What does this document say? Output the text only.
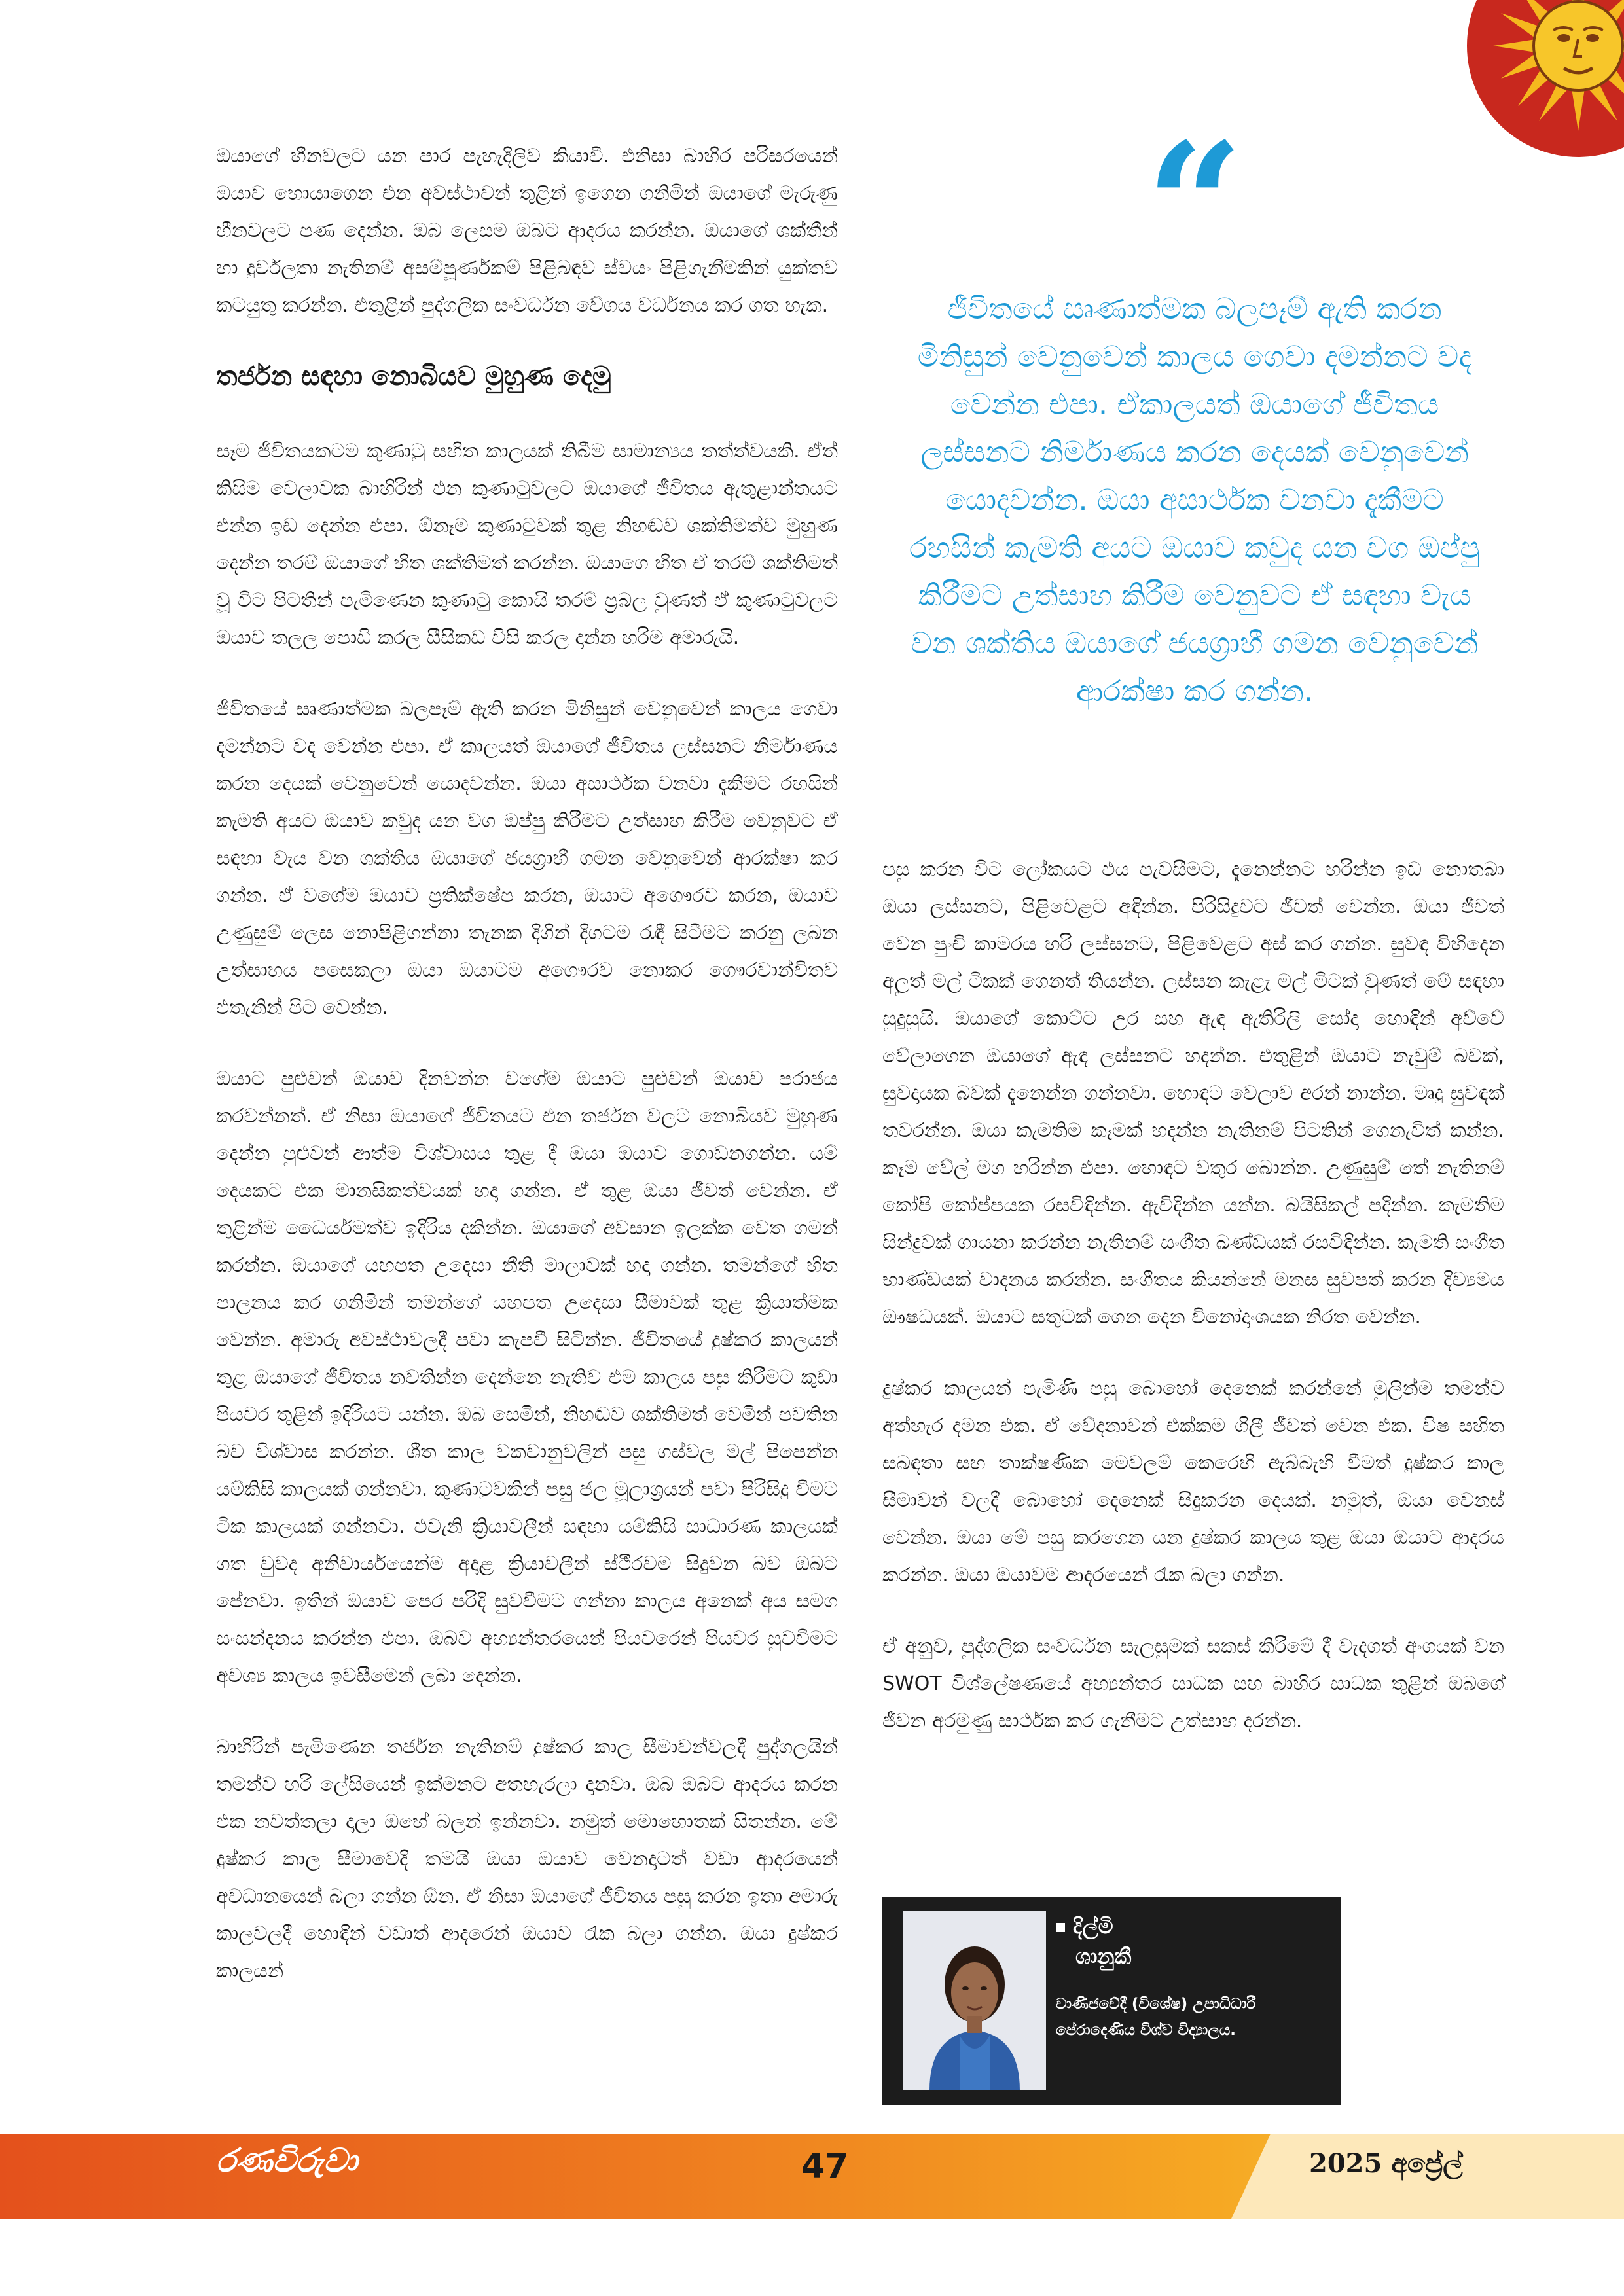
ඔයාගේ හීනවලට යන පාර පැහැදිලිව කියාවී. එනිසා බාහිර පරිසරයෙන් ඔයාව හොයාගෙන එන අවස්ථාවන් තුළින් ඉගෙන ගනිමින් ඔයාගේ මැරුණු හීනවලට පණ දෙන්න. ඔබ ලෙසම ඔබට ආදරය කරන්න. ඔයාගේ ශක්තීන් හා දුර්වලතා නැතිනම් අසම්පූර්ණකම් පිළිබඳව ස්වයං පිළිගැනීමකින් යුක්තව කටයුතු කරන්න. එතුළින් පුද්ගලික සංවර්ධන වේගය වර්ධනය කර ගත හැක.

තර්ජන සඳහා නොබියව මුහුණ දෙමු

සෑම ජීවිතයකටම කුණාටු සහිත කාලයක් තිබීම සාමාන්‍යය තත්ත්වයකි. ඒත් කිසිම වෙලාවක බාහිරින් එන කුණාටුවලට ඔයාගේ ජීවිතය ඇතුළාන්තයට එන්න ඉඩ දෙන්න එපා. ඕනෑම කුණාටුවක් තුළ නිහඬව ශක්තිමත්ව මුහුණ දෙන්න තරම් ඔයාගේ හිත ශක්තිමත් කරන්න. ඔයාගෙ හිත ඒ තරම් ශක්තිමත් වූ විට පිටතින් පැමිණෙන කුණාටු කොයි තරම් ප්‍රබල වුණත් ඒ කුණාටුවලට ඔයාව තලල පොඩි කරල සීසීකඩ විසි කරල දාන්න හරිම අමාරුයි.

ජීවිතයේ සෘණාත්මක බලපෑම් ඇති කරන මිනිසුන් වෙනුවෙන් කාලය ගෙවා දමන්නට වද වෙන්න එපා. ඒ කාලයත් ඔයාගේ ජීවිතය ලස්සනට නිර්මාණය කරන දෙයක් වෙනුවෙන් යොදවන්න. ඔයා අසාර්ථක වනවා දැකීමට රහසින් කැමති අයට ඔයාව කවුද යන වග ඔප්පු කිරීමට උත්සාහ කිරීම වෙනුවට ඒ සඳහා වැය වන ශක්තිය ඔයාගේ ජයග්‍රාහී ගමන වෙනුවෙන් ආරක්ෂා කර ගන්න. ඒ වගේම ඔයාව ප්‍රතික්ෂේප කරන, ඔයාට අගෞරව කරන, ඔයාව උණුසුම් ලෙස නොපිළිගන්නා තැනක දිගින් දිගටම රැඳී සිටීමට කරනු ලබන උත්සාහය පසෙකලා ඔයා ඔයාටම අගෞරව නොකර ගෞරවාන්විතව එතැනින් පිට වෙන්න.

ඔයාට පුළුවන් ඔයාව දිනවන්න වගේම ඔයාට පුළුවන් ඔයාව පරාජය කරවන්නත්. ඒ නිසා ඔයාගේ ජීවිතයට එන තර්ජන වලට නොබියව මුහුණ දෙන්න පුළුවන් ආත්ම විශ්වාසය තුළ දී ඔයා ඔයාව ගොඩනගන්න. යම් දෙයකට එක මානසිකත්වයක් හදා ගන්න. ඒ තුළ ඔයා ජීවත් වෙන්න. ඒ තුළින්ම ධෛර්යමත්ව ඉදිරිය දකින්න. ඔයාගේ අවසාන ඉලක්ක වෙත ගමන් කරන්න. ඔයාගේ යහපත උදෙසා නීති මාලාවක් හදා ගන්න. තමන්ගේ හිත පාලනය කර ගනිමින් තමන්ගේ යහපත උදෙසා සීමාවක් තුළ ක්‍රියාත්මක වෙන්න. අමාරු අවස්ථාවලදී පවා කැපවී සිටින්න. ජීවිතයේ දුෂ්කර කාලයන් තුළ ඔයාගේ ජීවිතය නවතින්න දෙන්නෙ නැතිව එම කාලය පසු කිරීමට කුඩා පියවර තුළින් ඉදිරියට යන්න. ඔබ සෙමින්, නිහඬව ශක්තිමත් වෙමින් පවතින බව විශ්වාස කරන්න. ශීත කාල වකවානුවලින් පසු ගස්වල මල් පිපෙන්න යම්කිසි කාලයක් ගන්නවා. කුණාටුවකින් පසු ජල මූලාශ්‍රයන් පවා පිරිසිදු වීමට ටික කාලයක් ගන්නවා. එවැනි ක්‍රියාවලීන් සඳහා යම්කිසි සාධාරණ කාලයක් ගත වුවද අනිවාර්යයෙන්ම අදාළ ක්‍රියාවලීන් ස්ථීරවම සිදුවන බව ඔබට පේනවා. ඉතින් ඔයාව පෙර පරිදි සුවවීමට ගන්නා කාලය අනෙක් අය සමග සංසන්දනය කරන්න එපා. ඔබව අභ්‍යන්තරයෙන් පියවරෙන් පියවර සුවවීමට අවශ්‍ය කාලය ඉවසීමෙන් ලබා දෙන්න.

බාහිරින් පැමිණෙන තර්ජන නැතිනම් දුෂ්කර කාල සීමාවන්වලදී පුද්ගලයින් තමන්ව හරි ලේසියෙන් ඉක්මනට අතහැරලා දානවා. ඔබ ඔබට ආදරය කරන එක නවත්තලා දාලා ඔහේ බලන් ඉන්නවා. නමුත් මොහොතක් සිතන්න. මේ දුෂ්කර කාල සීමාවෙදි තමයි ඔයා ඔයාව වෙනදාටත් වඩා ආදරයෙන් අවධානයෙන් බලා ගන්න ඕන. ඒ නිසා ඔයාගේ ජීවිතය පසු කරන ඉතා අමාරු කාලවලදී හොඳින් වඩාත් ආදරෙන් ඔයාව රැක බලා ගන්න. ඔයා දුෂ්කර කාලයන්

“
ජීවිතයේ සෘණාත්මක බලපෑම් ඇති කරන මිනිසුන් වෙනුවෙන් කාලය ගෙවා දමන්නට වද වෙන්න එපා. ඒකාලයත් ඔයාගේ ජීවිතය ලස්සනට නිර්මාණය කරන දෙයක් වෙනුවෙන් යොදවන්න. ඔයා අසාර්ථක වනවා දැකීමට රහසින් කැමති අයට ඔයාව කවුද යන වග ඔප්පු කිරීමට උත්සාහ කිරීම වෙනුවට ඒ සඳහා වැය වන ශක්තිය ඔයාගේ ජයග්‍රාහී ගමන වෙනුවෙන් ආරක්ෂා කර ගන්න.

පසු කරන විට ලෝකයට එය පැවසීමට, දැනෙන්නට හරින්න ඉඩ නොතබා ඔයා ලස්සනට, පිළිවෙළට අඳින්න. පිරිසිදුවට ජීවත් වෙන්න. ඔයා ජීවත් වෙන පුංචි කාමරය හරි ලස්සනට, පිළිවෙළට අස් කර ගන්න. සුවඳ විහිදෙන අලුත් මල් ටිකක් ගෙනත් තියන්න. ලස්සන කැළැ මල් මිටක් වුණත් මේ සඳහා සුදුසුයි. ඔයාගේ කොට්ට උර සහ ඇඳ ඇතිරිලි සෝදා හොඳින් අව්වේ වේලාගෙන ඔයාගේ ඇඳ ලස්සනට හදන්න. එතුළින් ඔයාට නැවුම් බවක්, සුවදායක බවක් දැනෙන්න ගන්නවා. හොඳට වෙලාව අරන් නාන්න. මෘදු සුවඳක් තවරන්න. ඔයා කැමතිම කෑමක් හදන්න නැතිනම් පිටතින් ගෙනැවිත් කන්න. කෑම වේල් මග හරින්න එපා. හොඳට වතුර බොන්න. උණුසුම් තේ නැතිනම් කෝපි කෝප්පයක රසවිඳින්න. ඇවිදින්න යන්න. බයිසිකල් පදින්න. කැමතිම සින්දුවක් ගායනා කරන්න නැතිනම් සංගීත ඛණ්ඩයක් රසවිඳින්න. කැමති සංගීත භාණ්ඩයක් වාදනය කරන්න. සංගීතය කියන්නේ මනස සුවපත් කරන දිව්‍යමය ඖෂධයක්. ඔයාට සතුටක් ගෙන දෙන විනෝදාංශයක නිරත වෙන්න.

දුෂ්කර කාලයන් පැමිණි පසු බොහෝ දෙනෙක් කරන්නේ මුලින්ම තමන්ව අත්හැර දමන එක. ඒ වේදනාවන් එක්කම ගිලී ජීවත් වෙන එක. විෂ සහිත සබඳතා සහ තාක්ෂණික මෙවලම් කෙරෙහි ඇබ්බැහි වීමත් දුෂ්කර කාල සීමාවන් වලදී බොහෝ දෙනෙක් සිදුකරන දෙයක්. නමුත්, ඔයා වෙනස් වෙන්න. ඔයා මේ පසු කරගෙන යන දුෂ්කර කාලය තුළ ඔයා ඔයාට ආදරය කරන්න. ඔයා ඔයාවම ආදරයෙන් රැක බලා ගන්න.

ඒ අනුව, පුද්ගලික සංවර්ධන සැලසුමක් සකස් කිරීමේ දී වැදගත් අංගයක් වන SWOT විශ්ලේෂණයේ අභ්‍යන්තර සාධක සහ බාහිර සාධක තුළින් ඔබගේ ජීවන අරමුණු සාර්ථක කර ගැනීමට උත්සාහ දරන්න.

දිල්මි
ශානුකී
වාණිජවේදී (විශේෂ) උපාධිධාරී
පේරාදෙණිය විශ්ව විද්‍යාලය.
රණවිරුවා	47	2025 අප්‍රේල්
